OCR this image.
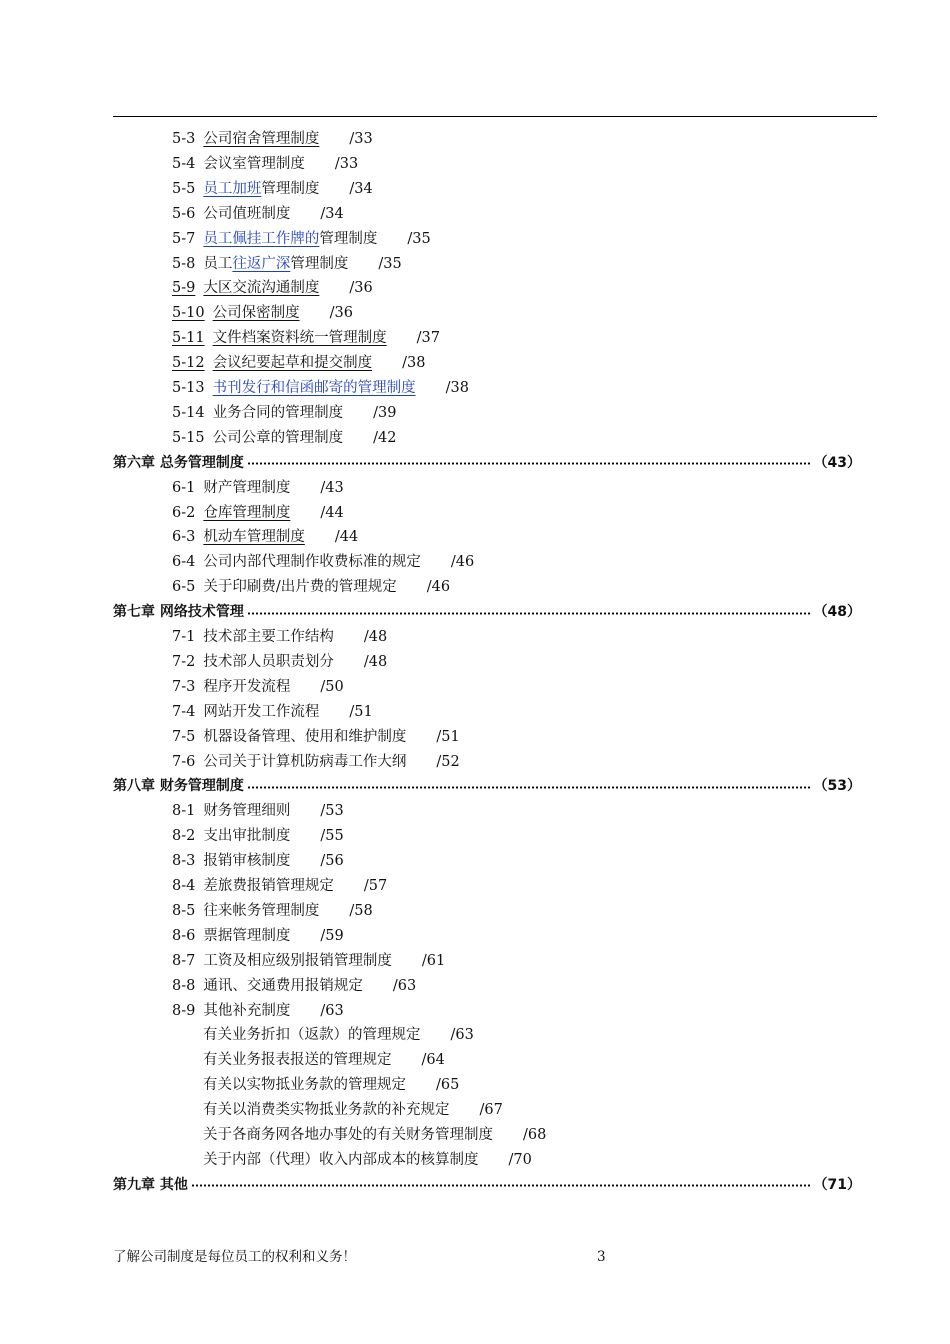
5-3 公司宿舍管理制度 /33
5-4 会议室管理制度 /33
5-5 员工加班管理制度 /34
5-6 公司值班制度 /34
5-7 员工佩挂工作牌的管理制度 /35
5-8 员工往返广深管理制度 /35
5-9 大区交流沟通制度 /36
5-10 公司保密制度 /36
5-11 文件档案资料统一管理制度 /37
5-12 会议纪要起草和提交制度 /38
5-13 书刊发行和信函邮寄的管理制度 /38
5-14 业务合同的管理制度 /39
5-15 公司公章的管理制度 /42
第六章 总务管理制度	（43）
6-1 财产管理制度 /43
6-2 仓库管理制度 /44
6-3 机动车管理制度 /44
6-4 公司内部代理制作收费标准的规定 /46
6-5 关于印刷费/出片费的管理规定 /46
第七章 网络技术管理	（48）
7-1 技术部主要工作结构 /48
7-2 技术部人员职责划分 /48
7-3 程序开发流程 /50
7-4 网站开发工作流程 /51
7-5 机器设备管理、使用和维护制度 /51
7-6 公司关于计算机防病毒工作大纲 /52
第八章 财务管理制度	（53）
8-1 财务管理细则 /53
8-2 支出审批制度 /55
8-3 报销审核制度 /56
8-4 差旅费报销管理规定 /57
8-5 往来帐务管理制度 /58
8-6 票据管理制度 /59
8-7 工资及相应级别报销管理制度 /61
8-8 通讯、交通费用报销规定 /63
8-9 其他补充制度 /63
有关业务折扣（返款）的管理规定 /63
有关业务报表报送的管理规定 /64
有关以实物抵业务款的管理规定 /65
有关以消费类实物抵业务款的补充规定 /67
关于各商务网各地办事处的有关财务管理制度 /68
关于内部（代理）收入内部成本的核算制度 /70
第九章 其他	（71）
了解公司制度是每位员工的权利和义务！	3
